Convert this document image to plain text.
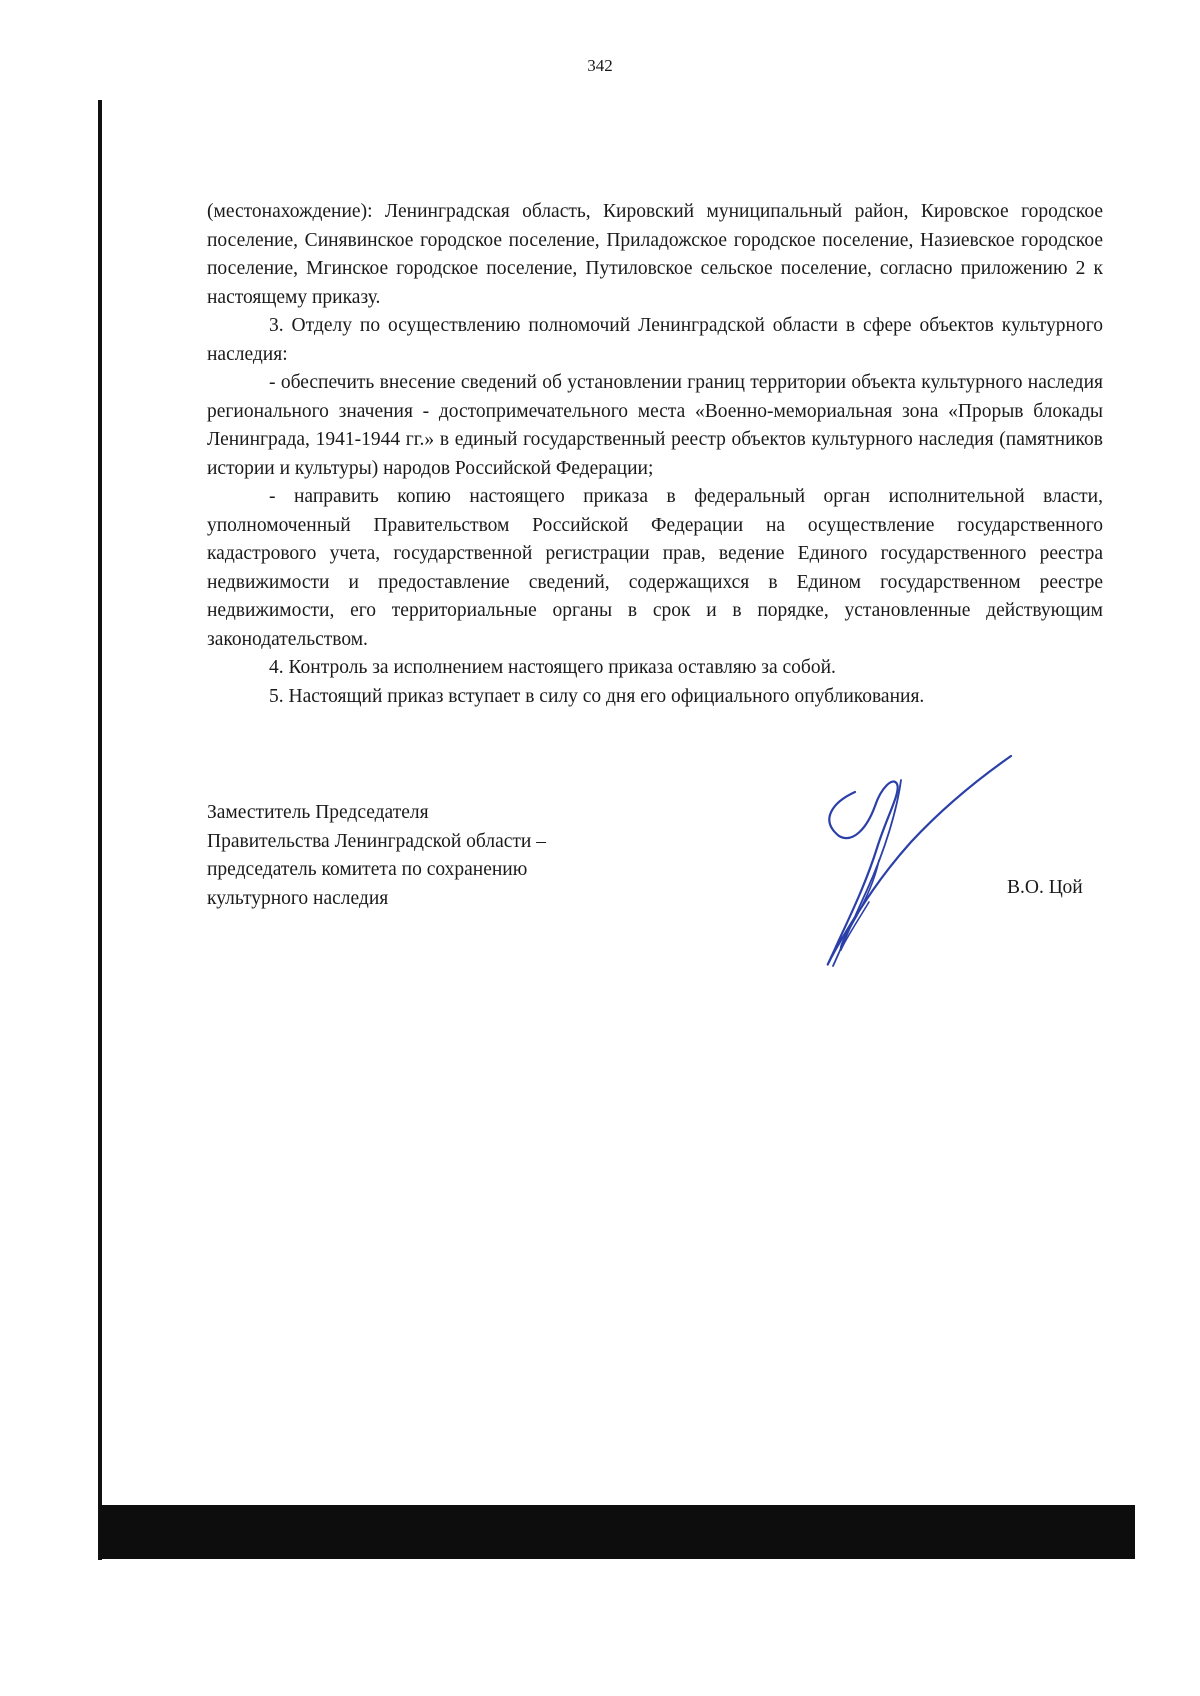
342

(местонахождение): Ленинградская область, Кировский муниципальный район, Кировское городское поселение, Синявинское городское поселение, Приладожское городское поселение, Назиевское городское поселение, Мгинское городское поселение, Путиловское сельское поселение, согласно приложению 2 к настоящему приказу.

3. Отделу по осуществлению полномочий Ленинградской области в сфере объектов культурного наследия:

- обеспечить внесение сведений об установлении границ территории объекта культурного наследия регионального значения - достопримечательного места «Военно-мемориальная зона «Прорыв блокады Ленинграда, 1941-1944 гг.» в единый государственный реестр объектов культурного наследия (памятников истории и культуры) народов Российской Федерации;

- направить копию настоящего приказа в федеральный орган исполнительной власти, уполномоченный Правительством Российской Федерации на осуществление государственного кадастрового учета, государственной регистрации прав, ведение Единого государственного реестра недвижимости и предоставление сведений, содержащихся в Едином государственном реестре недвижимости, его территориальные органы в срок и в порядке, установленные действующим законодательством.

4. Контроль за исполнением настоящего приказа оставляю за собой.

5. Настоящий приказ вступает в силу со дня его официального опубликования.

Заместитель Председателя
Правительства Ленинградской области –
председатель комитета по сохранению
культурного наследия	В.О. Цой
